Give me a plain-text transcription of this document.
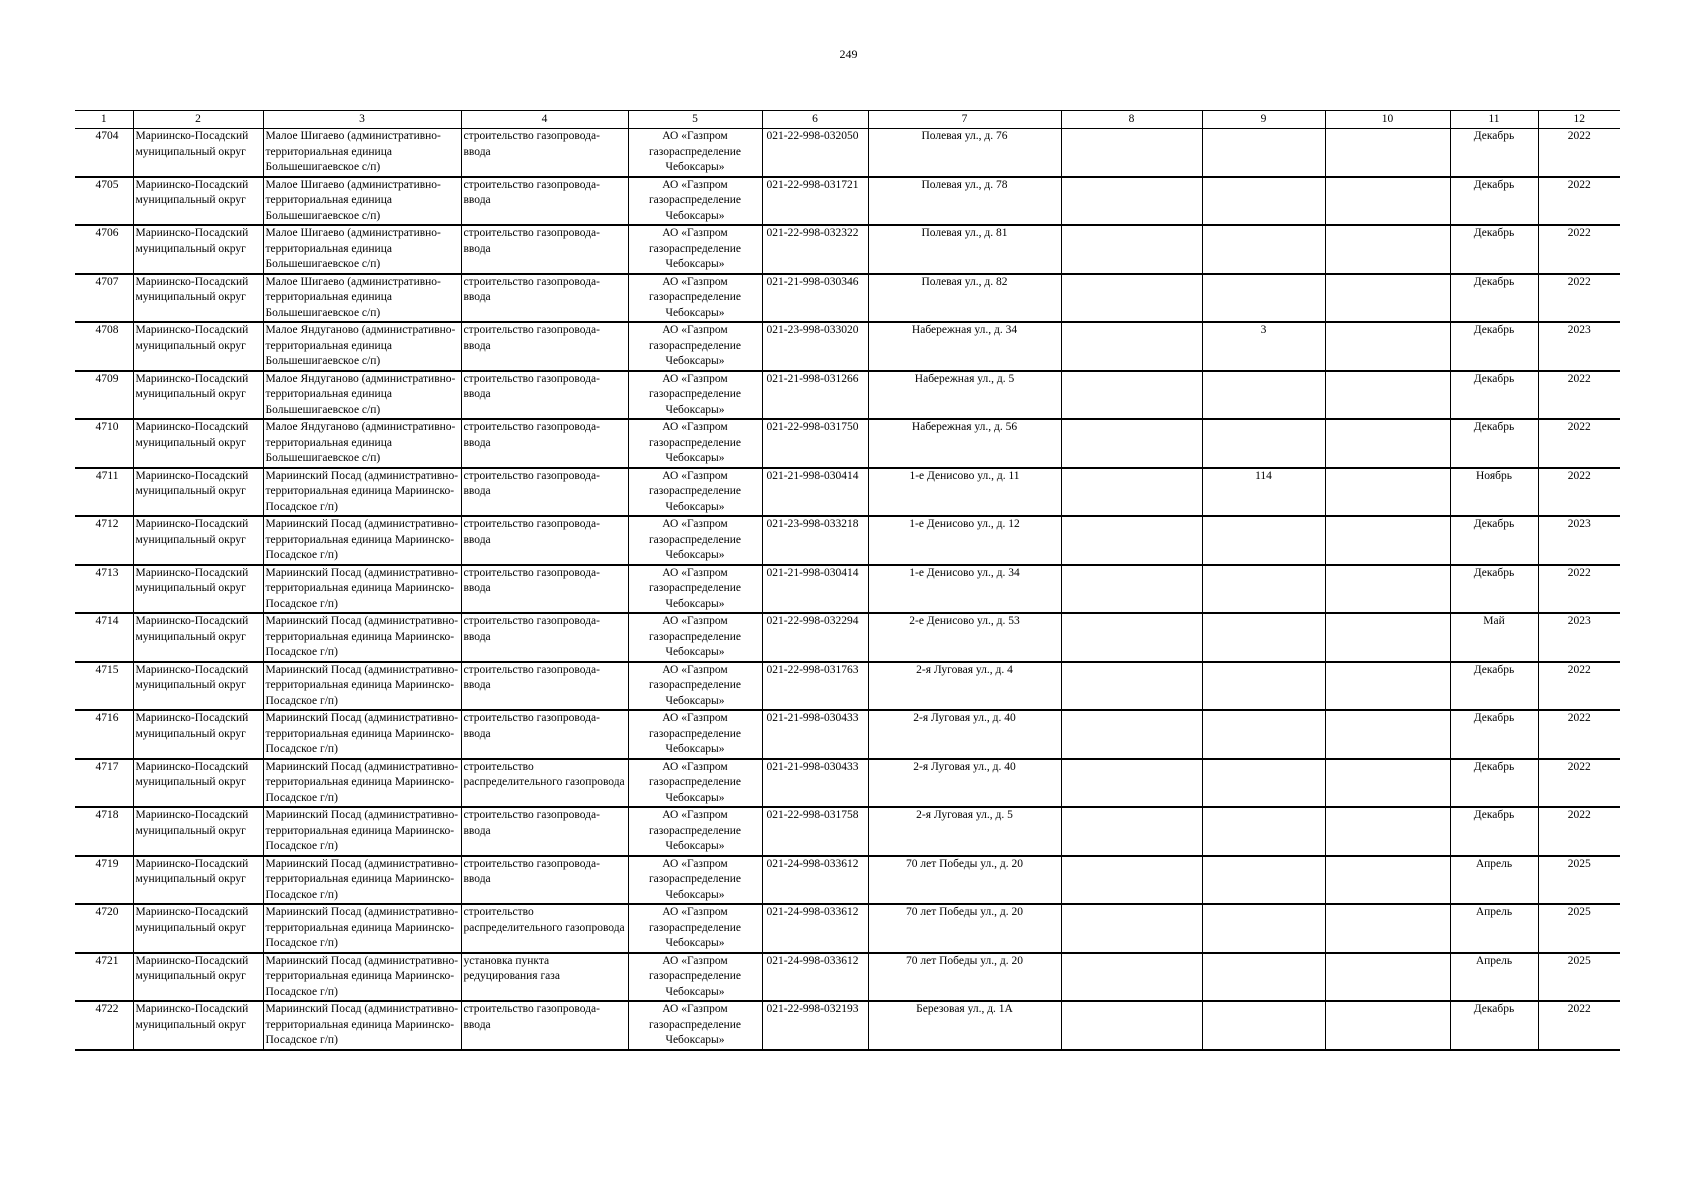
249
1	2	3	4	5	6	7	8	9	10	11	12
4704	Мариинско-Посадский муниципальный округ	Малое Шигаево (административно-территориальная единица Большешигаевское с/п)	строительство газопровода-ввода	АО «Газпром газораспределение Чебоксары»	021-22-998-032050	Полевая ул., д. 76				Декабрь	2022
4705	Мариинско-Посадский муниципальный округ	Малое Шигаево (административно-территориальная единица Большешигаевское с/п)	строительство газопровода-ввода	АО «Газпром газораспределение Чебоксары»	021-22-998-031721	Полевая ул., д. 78				Декабрь	2022
4706	Мариинско-Посадский муниципальный округ	Малое Шигаево (административно-территориальная единица Большешигаевское с/п)	строительство газопровода-ввода	АО «Газпром газораспределение Чебоксары»	021-22-998-032322	Полевая ул., д. 81				Декабрь	2022
4707	Мариинско-Посадский муниципальный округ	Малое Шигаево (административно-территориальная единица Большешигаевское с/п)	строительство газопровода-ввода	АО «Газпром газораспределение Чебоксары»	021-21-998-030346	Полевая ул., д. 82				Декабрь	2022
4708	Мариинско-Посадский муниципальный округ	Малое Яндуганово (административно-территориальная единица Большешигаевское с/п)	строительство газопровода-ввода	АО «Газпром газораспределение Чебоксары»	021-23-998-033020	Набережная ул., д. 34		3		Декабрь	2023
4709	Мариинско-Посадский муниципальный округ	Малое Яндуганово (административно-территориальная единица Большешигаевское с/п)	строительство газопровода-ввода	АО «Газпром газораспределение Чебоксары»	021-21-998-031266	Набережная ул., д. 5				Декабрь	2022
4710	Мариинско-Посадский муниципальный округ	Малое Яндуганово (административно-территориальная единица Большешигаевское с/п)	строительство газопровода-ввода	АО «Газпром газораспределение Чебоксары»	021-22-998-031750	Набережная ул., д. 56				Декабрь	2022
4711	Мариинско-Посадский муниципальный округ	Мариинский Посад (административно-территориальная единица Мариинско-Посадское г/п)	строительство газопровода-ввода	АО «Газпром газораспределение Чебоксары»	021-21-998-030414	1-е Денисово ул., д. 11		114		Ноябрь	2022
4712	Мариинско-Посадский муниципальный округ	Мариинский Посад (административно-территориальная единица Мариинско-Посадское г/п)	строительство газопровода-ввода	АО «Газпром газораспределение Чебоксары»	021-23-998-033218	1-е Денисово ул., д. 12				Декабрь	2023
4713	Мариинско-Посадский муниципальный округ	Мариинский Посад (административно-территориальная единица Мариинско-Посадское г/п)	строительство газопровода-ввода	АО «Газпром газораспределение Чебоксары»	021-21-998-030414	1-е Денисово ул., д. 34				Декабрь	2022
4714	Мариинско-Посадский муниципальный округ	Мариинский Посад (административно-территориальная единица Мариинско-Посадское г/п)	строительство газопровода-ввода	АО «Газпром газораспределение Чебоксары»	021-22-998-032294	2-е Денисово ул., д. 53				Май	2023
4715	Мариинско-Посадский муниципальный округ	Мариинский Посад (административно-территориальная единица Мариинско-Посадское г/п)	строительство газопровода-ввода	АО «Газпром газораспределение Чебоксары»	021-22-998-031763	2-я Луговая ул., д. 4				Декабрь	2022
4716	Мариинско-Посадский муниципальный округ	Мариинский Посад (административно-территориальная единица Мариинско-Посадское г/п)	строительство газопровода-ввода	АО «Газпром газораспределение Чебоксары»	021-21-998-030433	2-я Луговая ул., д. 40				Декабрь	2022
4717	Мариинско-Посадский муниципальный округ	Мариинский Посад (административно-территориальная единица Мариинско-Посадское г/п)	строительство распределительного газопровода	АО «Газпром газораспределение Чебоксары»	021-21-998-030433	2-я Луговая ул., д. 40				Декабрь	2022
4718	Мариинско-Посадский муниципальный округ	Мариинский Посад (административно-территориальная единица Мариинско-Посадское г/п)	строительство газопровода-ввода	АО «Газпром газораспределение Чебоксары»	021-22-998-031758	2-я Луговая ул., д. 5				Декабрь	2022
4719	Мариинско-Посадский муниципальный округ	Мариинский Посад (административно-территориальная единица Мариинско-Посадское г/п)	строительство газопровода-ввода	АО «Газпром газораспределение Чебоксары»	021-24-998-033612	70 лет Победы ул., д. 20				Апрель	2025
4720	Мариинско-Посадский муниципальный округ	Мариинский Посад (административно-территориальная единица Мариинско-Посадское г/п)	строительство распределительного газопровода	АО «Газпром газораспределение Чебоксары»	021-24-998-033612	70 лет Победы ул., д. 20				Апрель	2025
4721	Мариинско-Посадский муниципальный округ	Мариинский Посад (административно-территориальная единица Мариинско-Посадское г/п)	установка пункта редуцирования газа	АО «Газпром газораспределение Чебоксары»	021-24-998-033612	70 лет Победы ул., д. 20				Апрель	2025
4722	Мариинско-Посадский муниципальный округ	Мариинский Посад (административно-территориальная единица Мариинско-Посадское г/п)	строительство газопровода-ввода	АО «Газпром газораспределение Чебоксары»	021-22-998-032193	Березовая ул., д. 1А				Декабрь	2022
